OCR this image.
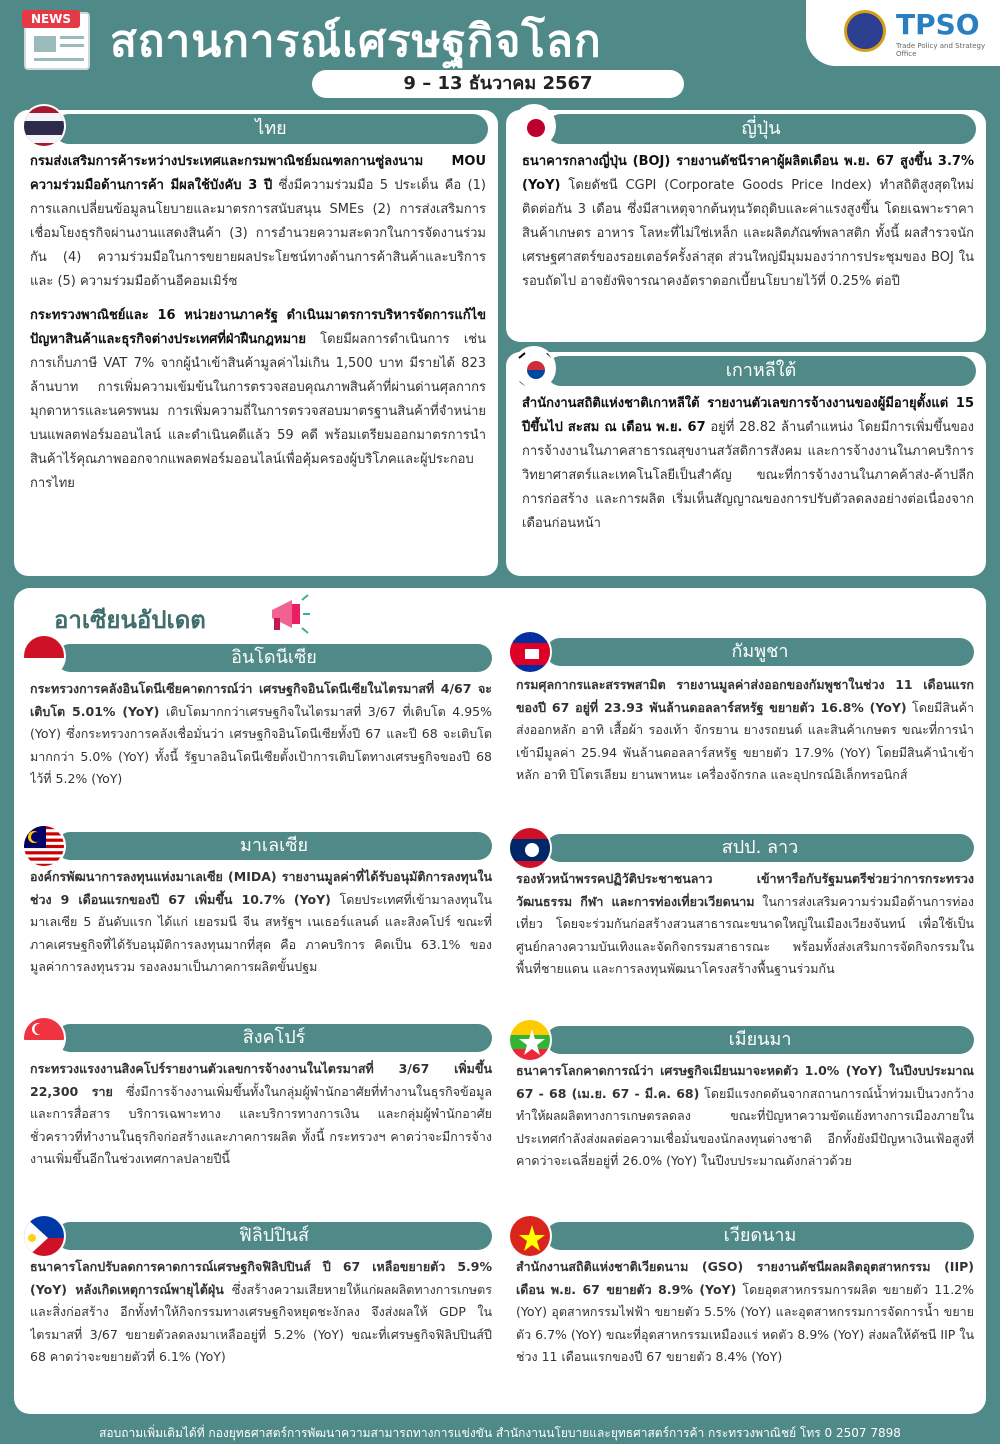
NEWS สถานการณ์เศรษฐกิจโลก	TPSO
Trade Policy and Strategy Office
9 – 13 ธันวาคม 2567
ไทย
กรมส่งเสริมการค้าระหว่างประเทศและกรมพาณิชย์มณฑลกานซู่ลงนาม MOU ความร่วมมือด้านการค้า มีผลใช้บังคับ 3 ปี ซึ่งมีความร่วมมือ 5 ประเด็น คือ (1) การแลกเปลี่ยนข้อมูลนโยบายและมาตรการสนับสนุน SMEs (2) การส่งเสริมการเชื่อมโยงธุรกิจผ่านงานแสดงสินค้า (3) การอำนวยความสะดวกในการจัดงานร่วมกัน (4) ความร่วมมือในการขยายผลประโยชน์ทางด้านการค้าสินค้าและบริการ และ (5) ความร่วมมือด้านอีคอมเมิร์ซ
กระทรวงพาณิชย์และ 16 หน่วยงานภาครัฐ ดำเนินมาตรการบริหารจัดการแก้ไขปัญหาสินค้าและธุรกิจต่างประเทศที่ฝ่าฝืนกฎหมาย โดยมีผลการดำเนินการ เช่น การเก็บภาษี VAT 7% จากผู้นำเข้าสินค้ามูลค่าไม่เกิน 1,500 บาท มีรายได้ 823 ล้านบาท การเพิ่มความเข้มข้นในการตรวจสอบคุณภาพสินค้าที่ผ่านด่านศุลกากรมุกดาหารและนครพนม การเพิ่มความถี่ในการตรวจสอบมาตรฐานสินค้าที่จำหน่ายบนแพลตฟอร์มออนไลน์ และดำเนินคดีแล้ว 59 คดี พร้อมเตรียมออกมาตรการนำสินค้าไร้คุณภาพออกจากแพลตฟอร์มออนไลน์เพื่อคุ้มครองผู้บริโภคและผู้ประกอบการไทย
ญี่ปุ่น
ธนาคารกลางญี่ปุ่น (BOJ) รายงานดัชนีราคาผู้ผลิตเดือน พ.ย. 67 สูงขึ้น 3.7% (YoY) โดยดัชนี CGPI (Corporate Goods Price Index) ทำสถิติสูงสุดใหม่ติดต่อกัน 3 เดือน ซึ่งมีสาเหตุจากต้นทุนวัตถุดิบและค่าแรงสูงขึ้น โดยเฉพาะราคาสินค้าเกษตร อาหาร โลหะที่ไม่ใช่เหล็ก และผลิตภัณฑ์พลาสติก ทั้งนี้ ผลสำรวจนักเศรษฐศาสตร์ของรอยเตอร์ครั้งล่าสุด ส่วนใหญ่มีมุมมองว่าการประชุมของ BOJ ในรอบถัดไป อาจยังพิจารณาคงอัตราดอกเบี้ยนโยบายไว้ที่ 0.25% ต่อปี
เกาหลีใต้
สำนักงานสถิติแห่งชาติเกาหลีใต้ รายงานตัวเลขการจ้างงานของผู้มีอายุตั้งแต่ 15 ปีขึ้นไป สะสม ณ เดือน พ.ย. 67 อยู่ที่ 28.82 ล้านตำแหน่ง โดยมีการเพิ่มขึ้นของการจ้างงานในภาคสาธารณสุขงานสวัสดิการสังคม และการจ้างงานในภาคบริการวิทยาศาสตร์และเทคโนโลยีเป็นสำคัญ ขณะที่การจ้างงานในภาคค้าส่ง-ค้าปลีก การก่อสร้าง และการผลิต เริ่มเห็นสัญญาณของการปรับตัวลดลงอย่างต่อเนื่องจากเดือนก่อนหน้า
อาเซียนอัปเดต
อินโดนีเซีย
กระทรวงการคลังอินโดนีเซียคาดการณ์ว่า เศรษฐกิจอินโดนีเซียในไตรมาสที่ 4/67 จะเติบโต 5.01% (YoY) เติบโตมากกว่าเศรษฐกิจในไตรมาสที่ 3/67 ที่เติบโต 4.95% (YoY) ซึ่งกระทรวงการคลังเชื่อมั่นว่า เศรษฐกิจอินโดนีเซียทั้งปี 67 และปี 68 จะเติบโตมากกว่า 5.0% (YoY) ทั้งนี้ รัฐบาลอินโดนีเซียตั้งเป้าการเติบโตทางเศรษฐกิจของปี 68 ไว้ที่ 5.2% (YoY)
กัมพูชา
กรมศุลกากรและสรรพสามิต รายงานมูลค่าส่งออกของกัมพูชาในช่วง 11 เดือนแรกของปี 67 อยู่ที่ 23.93 พันล้านดอลลาร์สหรัฐ ขยายตัว 16.8% (YoY) โดยมีสินค้าส่งออกหลัก อาทิ เสื้อผ้า รองเท้า จักรยาน ยางรถยนต์ และสินค้าเกษตร ขณะที่การนำเข้ามีมูลค่า 25.94 พันล้านดอลลาร์สหรัฐ ขยายตัว 17.9% (YoY) โดยมีสินค้านำเข้าหลัก อาทิ ปิโตรเลียม ยานพาหนะ เครื่องจักรกล และอุปกรณ์อิเล็กทรอนิกส์
มาเลเซีย
องค์กรพัฒนาการลงทุนแห่งมาเลเซีย (MIDA) รายงานมูลค่าที่ได้รับอนุมัติการลงทุนในช่วง 9 เดือนแรกของปี 67 เพิ่มขึ้น 10.7% (YoY) โดยประเทศที่เข้ามาลงทุนในมาเลเซีย 5 อันดับแรก ได้แก่ เยอรมนี จีน สหรัฐฯ เนเธอร์แลนด์ และสิงคโปร์ ขณะที่ภาคเศรษฐกิจที่ได้รับอนุมัติการลงทุนมากที่สุด คือ ภาคบริการ คิดเป็น 63.1% ของมูลค่าการลงทุนรวม รองลงมาเป็นภาคการผลิตขั้นปฐม
สปป. ลาว
รองหัวหน้าพรรคปฏิวัติประชาชนลาว เข้าหารือกับรัฐมนตรีช่วยว่าการกระทรวงวัฒนธรรม กีฬา และการท่องเที่ยวเวียดนาม ในการส่งเสริมความร่วมมือด้านการท่องเที่ยว โดยจะร่วมกันก่อสร้างสวนสาธารณะขนาดใหญ่ในเมืองเวียงจันทน์ เพื่อใช้เป็นศูนย์กลางความบันเทิงและจัดกิจกรรมสาธารณะ พร้อมทั้งส่งเสริมการจัดกิจกรรมในพื้นที่ชายแดน และการลงทุนพัฒนาโครงสร้างพื้นฐานร่วมกัน
สิงคโปร์
กระทรวงแรงงานสิงคโปร์รายงานตัวเลขการจ้างงานในไตรมาสที่ 3/67 เพิ่มขึ้น 22,300 ราย ซึ่งมีการจ้างงานเพิ่มขึ้นทั้งในกลุ่มผู้พำนักอาศัยที่ทำงานในธุรกิจข้อมูลและการสื่อสาร บริการเฉพาะทาง และบริการทางการเงิน และกลุ่มผู้พำนักอาศัยชั่วคราวที่ทำงานในธุรกิจก่อสร้างและภาคการผลิต ทั้งนี้ กระทรวงฯ คาดว่าจะมีการจ้างงานเพิ่มขึ้นอีกในช่วงเทศกาลปลายปีนี้
เมียนมา
ธนาคารโลกคาดการณ์ว่า เศรษฐกิจเมียนมาจะหดตัว 1.0% (YoY) ในปีงบประมาณ 67 - 68 (เม.ย. 67 - มี.ค. 68) โดยมีแรงกดดันจากสถานการณ์น้ำท่วมเป็นวงกว้าง ทำให้ผลผลิตทางการเกษตรลดลง ขณะที่ปัญหาความขัดแย้งทางการเมืองภายในประเทศกำลังส่งผลต่อความเชื่อมั่นของนักลงทุนต่างชาติ อีกทั้งยังมีปัญหาเงินเฟ้อสูงที่คาดว่าจะเฉลี่ยอยู่ที่ 26.0% (YoY) ในปีงบประมาณดังกล่าวด้วย
ฟิลิปปินส์
ธนาคารโลกปรับลดการคาดการณ์เศรษฐกิจฟิลิปปินส์ ปี 67 เหลือขยายตัว 5.9% (YoY) หลังเกิดเหตุการณ์พายุไต้ฝุ่น ซึ่งสร้างความเสียหายให้แก่ผลผลิตทางการเกษตรและสิ่งก่อสร้าง อีกทั้งทำให้กิจกรรมทางเศรษฐกิจหยุดชะงักลง จึงส่งผลให้ GDP ในไตรมาสที่ 3/67 ขยายตัวลดลงมาเหลืออยู่ที่ 5.2% (YoY) ขณะที่เศรษฐกิจฟิลิปปินส์ปี 68 คาดว่าจะขยายตัวที่ 6.1% (YoY)
เวียดนาม
สำนักงานสถิติแห่งชาติเวียดนาม (GSO) รายงานดัชนีผลผลิตอุตสาหกรรม (IIP) เดือน พ.ย. 67 ขยายตัว 8.9% (YoY) โดยอุตสาหกรรมการผลิต ขยายตัว 11.2% (YoY) อุตสาหกรรมไฟฟ้า ขยายตัว 5.5% (YoY) และอุตสาหกรรมการจัดการน้ำ ขยายตัว 6.7% (YoY) ขณะที่อุตสาหกรรมเหมืองแร่ หดตัว 8.9% (YoY) ส่งผลให้ดัชนี IIP ในช่วง 11 เดือนแรกของปี 67 ขยายตัว 8.4% (YoY)
สอบถามเพิ่มเติมได้ที่ กองยุทธศาสตร์การพัฒนาความสามารถทางการแข่งขัน สำนักงานนโยบายและยุทธศาสตร์การค้า กระทรวงพาณิชย์ โทร 0 2507 7898
